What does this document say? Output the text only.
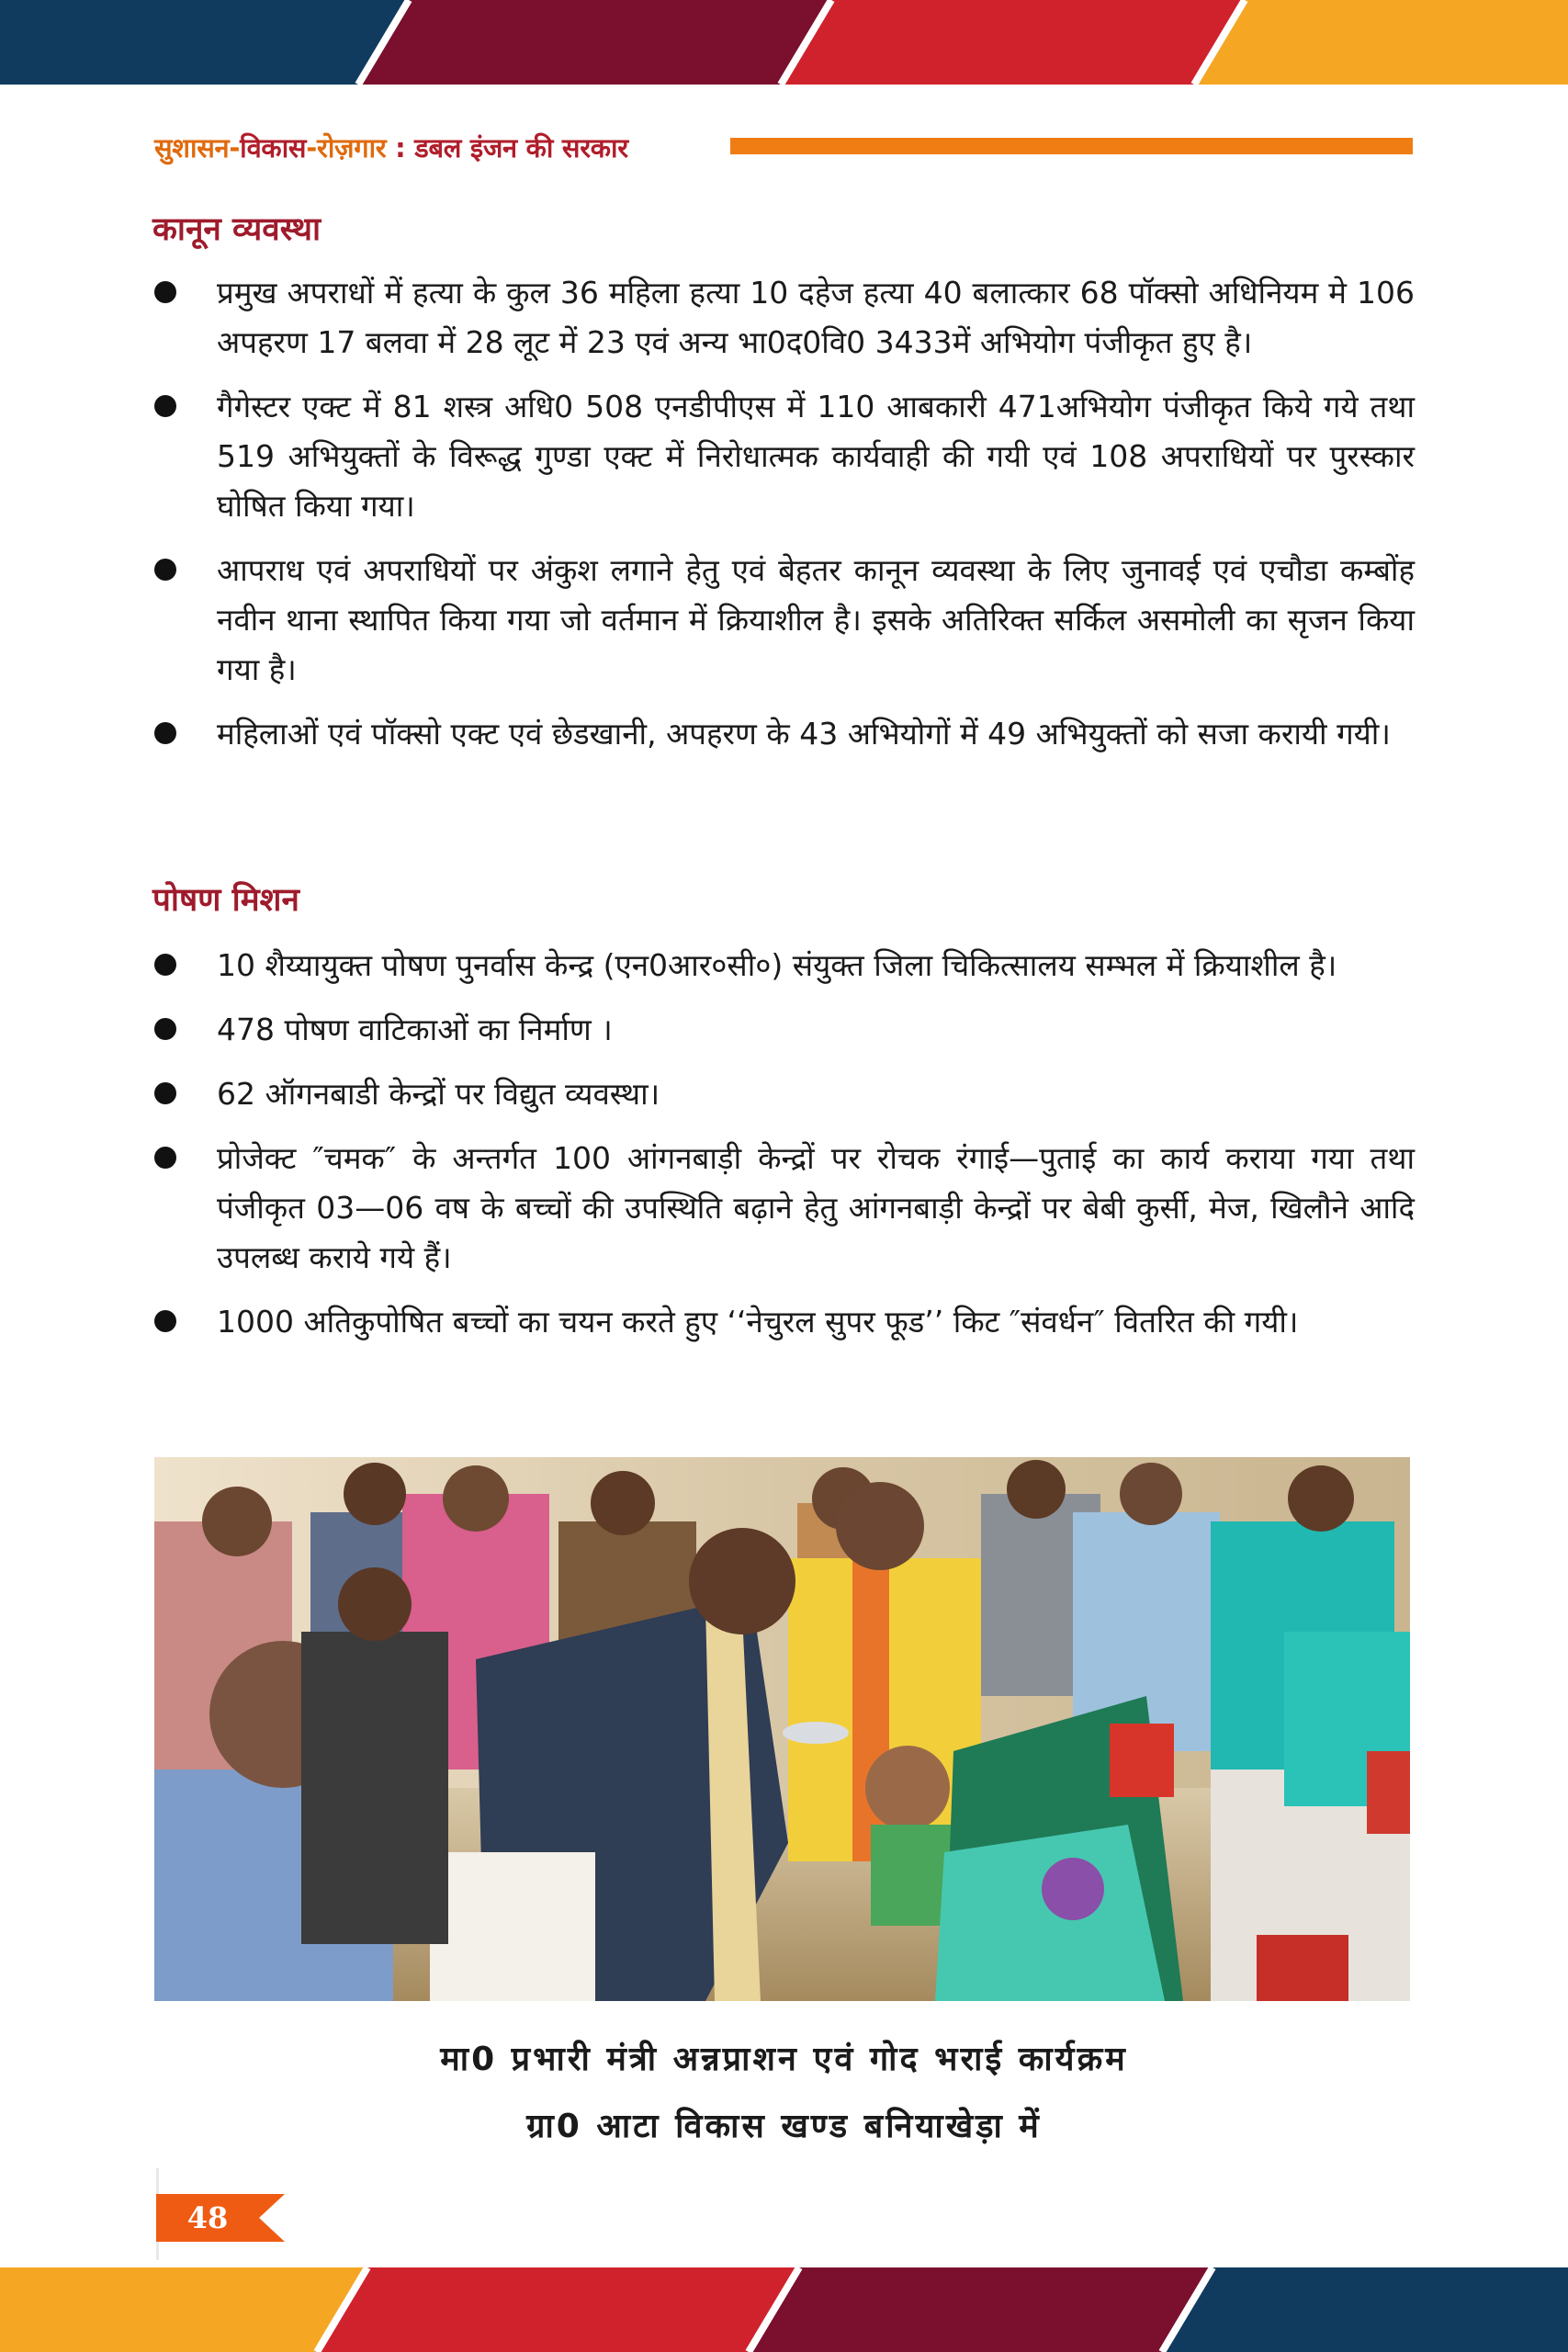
सुशासन-विकास-रोज़गार : डबल इंजन की सरकार
कानून व्यवस्था
प्रमुख अपराधों में हत्या के कुल 36 महिला हत्या 10 दहेज हत्या 40 बलात्कार 68 पॉक्सो अधिनियम मे 106 अपहरण 17 बलवा में 28 लूट में 23 एवं अन्य भा0द0वि0 3433में अभियोग पंजीकृत हुए है।
गैगेस्टर एक्ट में 81 शस्त्र अधि0 508 एनडीपीएस में 110 आबकारी 471अभियोग पंजीकृत किये गये तथा 519 अभियुक्तों के विरूद्ध गुण्डा एक्ट में निरोधात्मक कार्यवाही की गयी एवं 108 अपराधियों पर पुरस्कार घोषित किया गया।
आपराध एवं अपराधियों पर अंकुश लगाने हेतु एवं बेहतर कानून व्यवस्था के लिए जुनावई एवं एचौडा कम्बोंह नवीन थाना स्थापित किया गया जो वर्तमान में क्रियाशील है। इसके अतिरिक्त सर्किल असमोली का सृजन किया गया है।
महिलाओं एवं पॉक्सो एक्ट एवं छेडखानी, अपहरण के 43 अभियोगों में 49 अभियुक्तों को सजा करायी गयी।
पोषण मिशन
10 शैय्यायुक्त पोषण पुनर्वास केन्द्र (एन0आर०सी०) संयुक्त जिला चिकित्सालय सम्भल में क्रियाशील है।
478 पोषण वाटिकाओं का निर्माण ।
62 ऑगनबाडी केन्द्रों पर विद्युत व्यवस्था।
प्रोजेक्ट ″चमक″ के अन्तर्गत 100 आंगनबाड़ी केन्द्रों पर रोचक रंगाई—पुताई का कार्य कराया गया तथा पंजीकृत 03—06 वष के बच्चों की उपस्थिति बढ़ाने हेतु आंगनबाड़ी केन्द्रों पर बेबी कुर्सी, मेज, खिलौने आदि उपलब्ध कराये गये हैं।
1000 अतिकुपोषित बच्चों का चयन करते हुए ‘‘नेचुरल सुपर फूड’’ किट ″संवर्धन″ वितरित की गयी।
मा0 प्रभारी मंत्री अन्नप्राशन एवं गोद भराई कार्यक्रम
ग्रा0 आटा विकास खण्ड बनियाखेड़ा में
48
